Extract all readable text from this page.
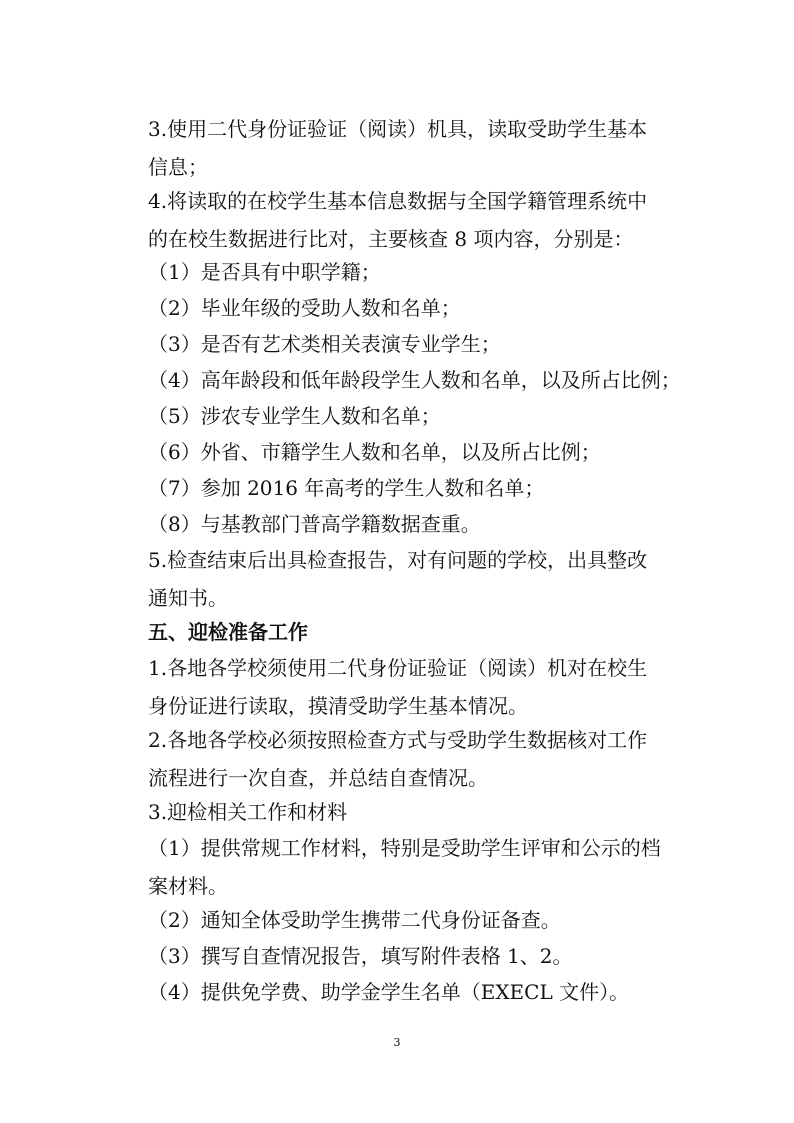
3.使用二代身份证验证（阅读）机具，读取受助学生基本
信息；
4.将读取的在校学生基本信息数据与全国学籍管理系统中
的在校生数据进行比对，主要核查 8 项内容，分别是：
（1）是否具有中职学籍；
（2）毕业年级的受助人数和名单；
（3）是否有艺术类相关表演专业学生；
（4）高年龄段和低年龄段学生人数和名单，以及所占比例；
（5）涉农专业学生人数和名单；
（6）外省、市籍学生人数和名单，以及所占比例；
（7）参加 2016 年高考的学生人数和名单；
（8）与基教部门普高学籍数据查重。
5.检查结束后出具检查报告，对有问题的学校，出具整改
通知书。
五、迎检准备工作
1.各地各学校须使用二代身份证验证（阅读）机对在校生
身份证进行读取，摸清受助学生基本情况。
2.各地各学校必须按照检查方式与受助学生数据核对工作
流程进行一次自查，并总结自查情况。
3.迎检相关工作和材料
（1）提供常规工作材料，特别是受助学生评审和公示的档
案材料。
（2）通知全体受助学生携带二代身份证备查。
（3）撰写自查情况报告，填写附件表格 1、2。
（4）提供免学费、助学金学生名单（EXECL 文件）。
3
